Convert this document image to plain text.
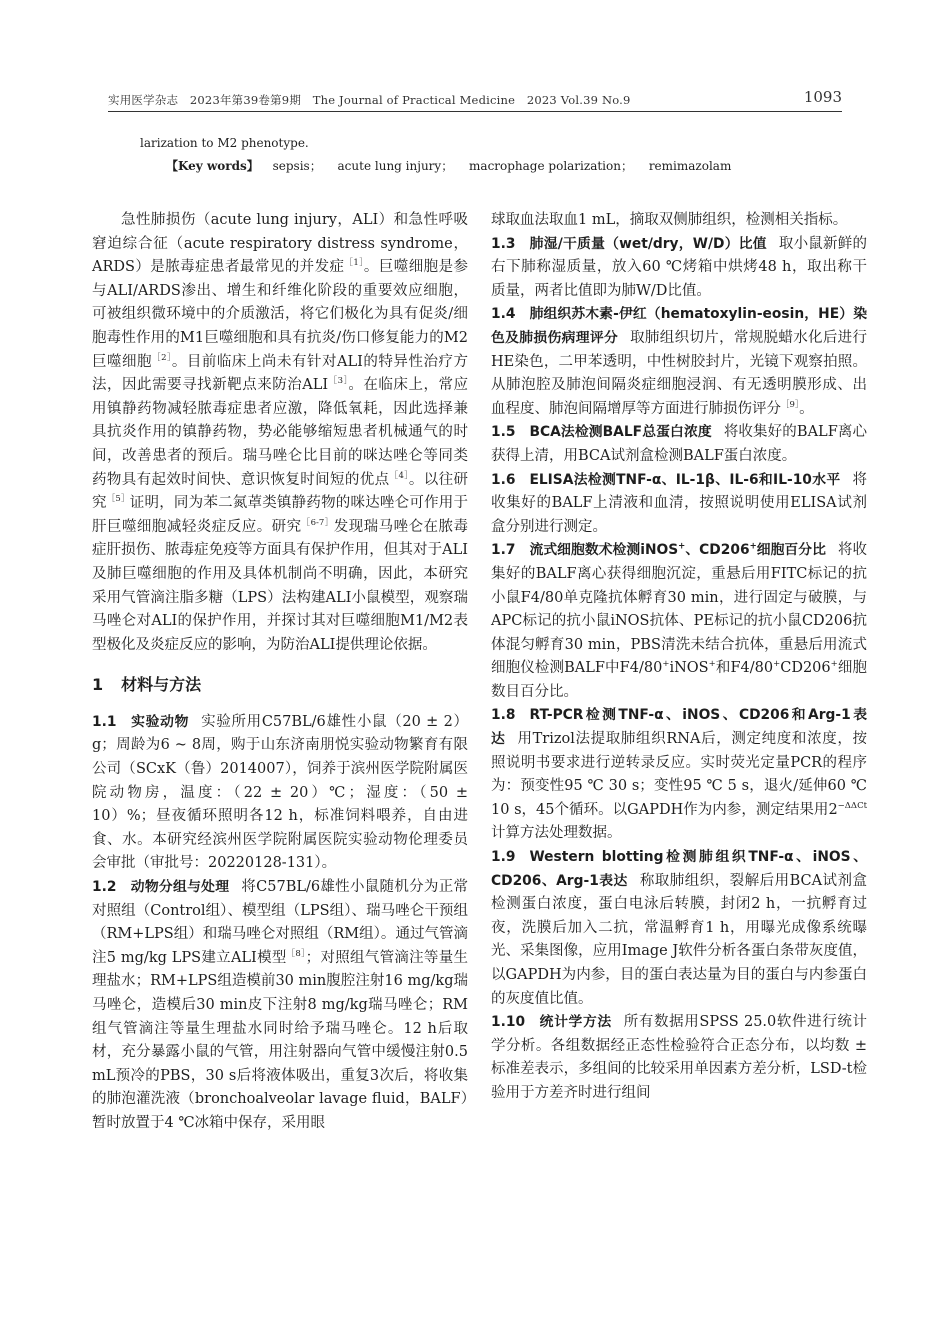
实用医学杂志　2023年第39卷第9期　The Journal of Practical Medicine　2023 Vol.39 No.9	1093
larization to M2 phenotype.
【Key words】 sepsis； acute lung injury； macrophage polarization； remimazolam

急性肺损伤（acute lung injury，ALI）和急性呼吸窘迫综合征（acute respiratory distress syndrome，ARDS）是脓毒症患者最常见的并发症$^{[1]}$。巨噬细胞是参与ALI/ARDS渗出、增生和纤维化阶段的重要效应细胞，可被组织微环境中的介质激活，将它们极化为具有促炎/细胞毒性作用的M1巨噬细胞和具有抗炎/伤口修复能力的M2巨噬细胞$^{[2]}$。目前临床上尚未有针对ALI的特异性治疗方法，因此需要寻找新靶点来防治$ALI^{[3]}$。在临床上，常应用镇静药物减轻脓毒症患者应激，降低氧耗，因此选择兼具抗炎作用的镇静药物，势必能够缩短患者机械通气的时间，改善患者的预后。瑞马唑仑比目前的咪达唑仑等同类药物具有起效时间快、意识恢复时间短的优点$^{[4]}$。以往研究$^{[5]}$证明，同为苯二氮䓬类镇静药物的咪达唑仑可作用于肝巨噬细胞减轻炎症反应。研究$^{[6-7]}$发现瑞马唑仑在脓毒症肝损伤、脓毒症免疫等方面具有保护作用，但其对于ALI及肺巨噬细胞的作用及具体机制尚不明确，因此，本研究采用气管滴注脂多糖（LPS）法构建ALI小鼠模型，观察瑞马唑仑对ALI的保护作用，并探讨其对巨噬细胞M1/M2表型极化及炎症反应的影响，为防治ALI提供理论依据。

1 材料与方法

1.1 实验动物 实验所用C57BL/6雄性小鼠（20 ± 2）g；周龄为6 ~ 8周，购于山东济南朋悦实验动物繁育有限公司（SCxK（鲁）2014007），饲养于滨州医学院附属医院动物房，温度：（22 ± 20）℃；湿度：（50 ± 10）%；昼夜循环照明各12 h，标准饲料喂养，自由进食、水。本研究经滨州医学院附属医院实验动物伦理委员会审批（审批号：20220128-131）。

1.2 动物分组与处理 将C57BL/6雄性小鼠随机分为正常对照组（Control组）、模型组（LPS组）、瑞马唑仑干预组（RM+LPS组）和瑞马唑仑对照组（RM组）。通过气管滴注5 mg/kg LPS建立ALI模型$^{[8]}$；对照组气管滴注等量生理盐水；RM+LPS组造模前30 min腹腔注射16 mg/kg瑞马唑仑，造模后30 min皮下注射8 mg/kg瑞马唑仑；RM组气管滴注等量生理盐水同时给予瑞马唑仑。12 h后取材，充分暴露小鼠的气管，用注射器向气管中缓慢注射0.5 mL预冷的PBS，30 s后将液体吸出，重复3次后，将收集的肺泡灌洗液（bronchoalveolar lavage fluid，BALF）暂时放置于4 ℃冰箱中保存，采用眼

球取血法取血1 mL，摘取双侧肺组织，检测相关指标。

1.3 肺湿/干质量（wet/dry，W/D）比值 取小鼠新鲜的右下肺称湿质量，放入60 ℃烤箱中烘烤48 h，取出称干质量，两者比值即为肺W/D比值。

1.4 肺组织苏木素-伊红（hematoxylin-eosin，HE）染色及肺损伤病理评分 取肺组织切片，常规脱蜡水化后进行HE染色，二甲苯透明，中性树胶封片，光镜下观察拍照。从肺泡腔及肺泡间隔炎症细胞浸润、有无透明膜形成、出血程度、肺泡间隔增厚等方面进行肺损伤评分$^{[9]}$。

1.5 BCA法检测BALF总蛋白浓度 将收集好的BALF离心获得上清，用BCA试剂盒检测BALF蛋白浓度。

1.6 ELISA法检测TNF-α、IL-1β、IL-6和IL-10水平 将收集好的BALF上清液和血清，按照说明使用ELISA试剂盒分别进行测定。

1.7 流式细胞数术检测iNOS+、CD206+细胞百分比 将收集好的BALF离心获得细胞沉淀，重悬后用FITC标记的抗小鼠F4/80单克隆抗体孵育30 min，进行固定与破膜，与APC标记的抗小鼠iNOS抗体、PE标记的抗小鼠CD206抗体混匀孵育30 min，PBS清洗未结合抗体，重悬后用流式细胞仪检测BALF中F4/80+iNOS+和F4/80+CD206+细胞数目百分比。

1.8 RT-PCR检测TNF-α、iNOS、CD206和Arg-1表达 用Trizol法提取肺组织RNA后，测定纯度和浓度，按照说明书要求进行逆转录反应。实时荧光定量PCR的程序为：预变性95 ℃ 30 s；变性95 ℃ 5 s，退火/延伸60 ℃ 10 s，45个循环。以GAPDH作为内参，测定结果用$2^{-\Delta\Delta Ct}$计算方法处理数据。

1.9 Western blotting检测肺组织TNF-α、iNOS、CD206、Arg-1表达 称取肺组织，裂解后用BCA试剂盒检测蛋白浓度，蛋白电泳后转膜，封闭2 h，一抗孵育过夜，洗膜后加入二抗，常温孵育1 h，用曝光成像系统曝光、采集图像，应用Image J软件分析各蛋白条带灰度值，以GAPDH为内参，目的蛋白表达量为目的蛋白与内参蛋白的灰度值比值。

1.10 统计学方法 所有数据用SPSS 25.0软件进行统计学分析。各组数据经正态性检验符合正态分布，以均数 ± 标准差表示，多组间的比较采用单因素方差分析，LSD-t检验用于方差齐时进行组间
